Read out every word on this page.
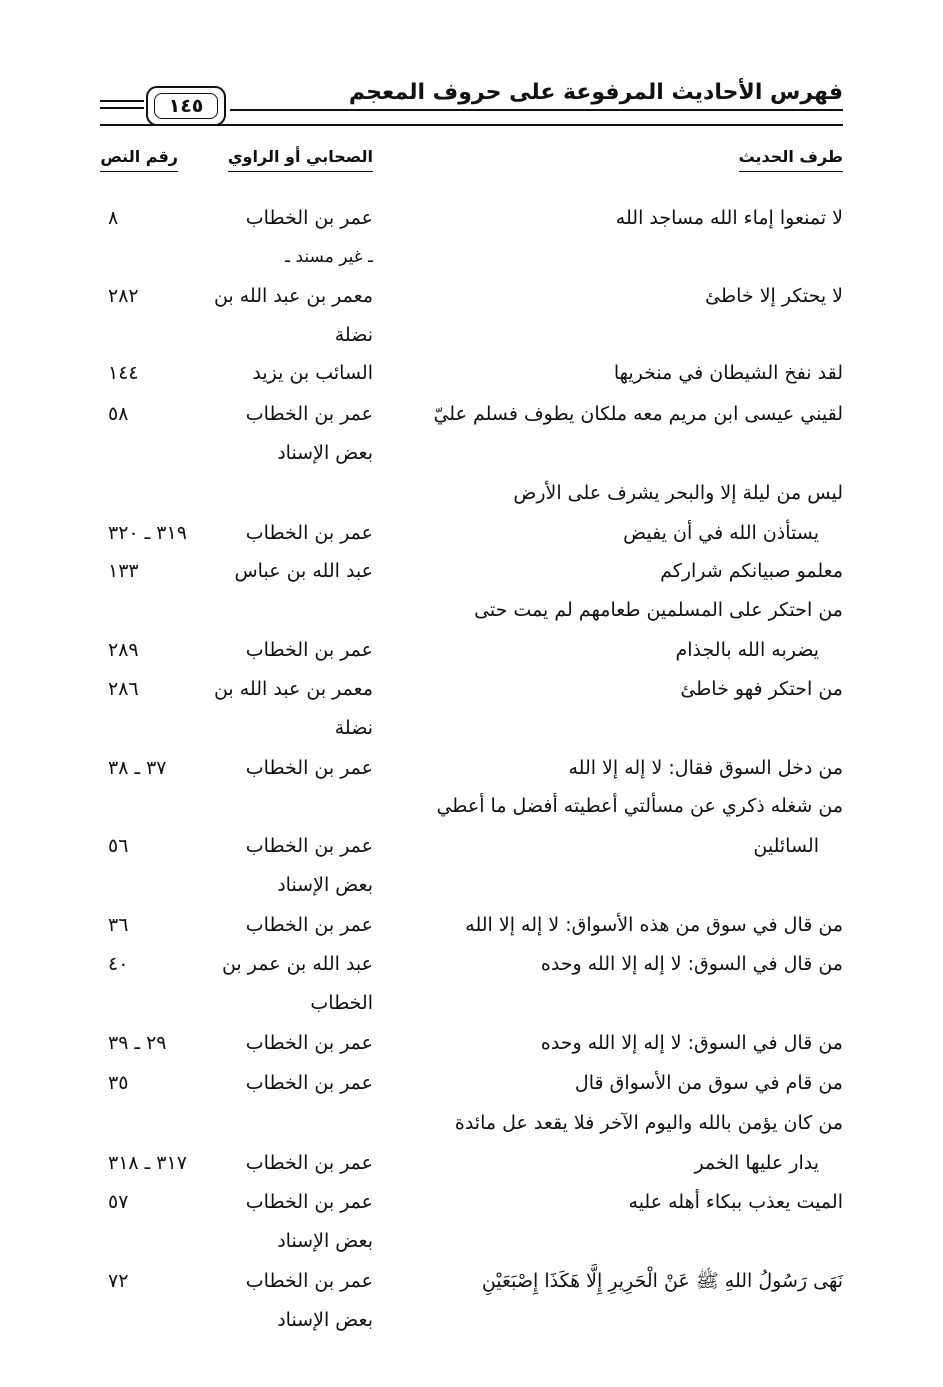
فهرس الأحاديث المرفوعة على حروف المعجم
١٤٥
طرف الحديث
الصحابي أو الراوي
رقم النص
لا تمنعوا إماء الله مساجد الله
عمر بن الخطاب
ـ غير مسند ـ
٨
لا يحتكر إلا خاطئ
معمر بن عبد الله بن
نضلة
٢٨٢
لقد نفخ الشيطان في منخريها
السائب بن يزيد
١٤٤
لقيني عيسى ابن مريم معه ملكان يطوف فسلم عليّ
عمر بن الخطاب
بعض الإسناد
٥٨
ليس من ليلة إلا والبحر يشرف على الأرض
يستأذن الله في أن يفيض
عمر بن الخطاب
٣١٩ ـ ٣٢٠
معلمو صبيانكم شراركم
عبد الله بن عباس
١٣٣
من احتكر على المسلمين طعامهم لم يمت حتى
يضربه الله بالجذام
عمر بن الخطاب
٢٨٩
من احتكر فهو خاطئ
معمر بن عبد الله بن
نضلة
٢٨٦
من دخل السوق فقال: لا إله إلا الله
عمر بن الخطاب
٣٧ ـ ٣٨
من شغله ذكري عن مسألتي أعطيته أفضل ما أعطي
السائلين
عمر بن الخطاب
بعض الإسناد
٥٦
من قال في سوق من هذه الأسواق: لا إله إلا الله
عمر بن الخطاب
٣٦
من قال في السوق: لا إله إلا الله وحده
عبد الله بن عمر بن
الخطاب
٤٠
من قال في السوق: لا إله إلا الله وحده
عمر بن الخطاب
٢٩ ـ ٣٩
من قام في سوق من الأسواق قال
عمر بن الخطاب
٣٥
من كان يؤمن بالله واليوم الآخر فلا يقعد عل مائدة
يدار عليها الخمر
عمر بن الخطاب
٣١٧ ـ ٣١٨
الميت يعذب ببكاء أهله عليه
عمر بن الخطاب
بعض الإسناد
٥٧
نَهَى رَسُولُ اللهِ ﷺ عَنْ الْحَرِيرِ إِلَّا هَكَذَا إِصْبَعَيْنِ
عمر بن الخطاب
بعض الإسناد
٧٢
